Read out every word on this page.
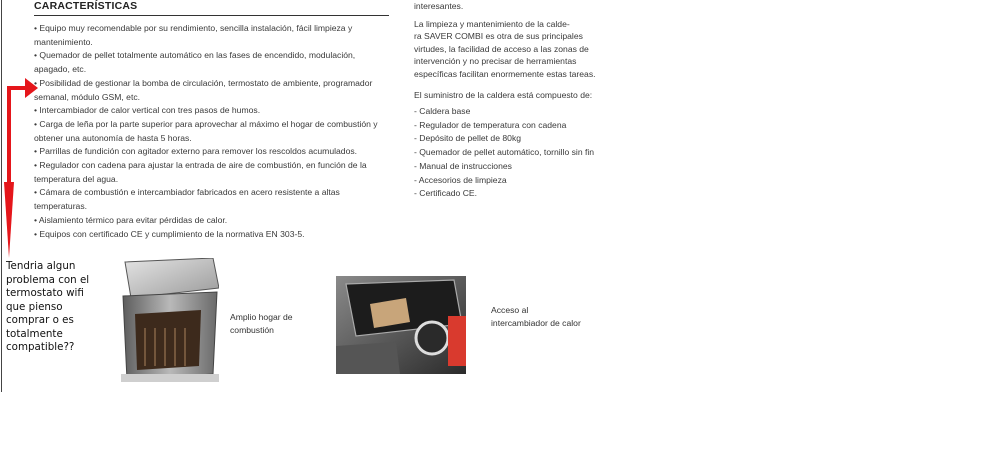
CARACTERÍSTICAS
• Equipo muy recomendable por su rendimiento, sencilla instalación, fácil limpieza y
mantenimiento.
• Quemador de pellet totalmente automático en las fases de encendido, modulación,
apagado, etc.
• Posibilidad de gestionar la bomba de circulación, termostato de ambiente, programador
semanal, módulo GSM, etc.
• Intercambiador de calor vertical con tres pasos de humos.
• Carga de leña por la parte superior para aprovechar al máximo el hogar de combustión y
obtener una autonomía de hasta 5 horas.
• Parrillas de fundición con agitador externo para remover los rescoldos acumulados.
• Regulador con cadena para ajustar la entrada de aire de combustión, en función de la
temperatura del agua.
• Cámara de combustión e intercambiador fabricados en acero resistente a altas
temperaturas.
• Aislamiento térmico para evitar pérdidas de calor.
• Equipos con certificado CE y cumplimiento de la normativa EN 303-5.
interesantes.
La limpieza y mantenimiento de la calde-
ra SAVER COMBI es otra de sus principales
virtudes, la facilidad de acceso a las zonas de
intervención y no precisar de herramientas
específicas facilitan enormemente estas tareas.
El suministro de la caldera está compuesto de:
- Caldera base
- Regulador de temperatura con cadena
- Depósito de pellet de 80kg
- Quemador de pellet automático, tornillo sin fin
- Manual de instrucciones
- Accesorios de limpieza
- Certificado CE.
Tendria algun problema con el termostato wifi que pienso comprar o es totalmente compatible??
Amplio hogar de combustión
Acceso al intercambiador de calor
